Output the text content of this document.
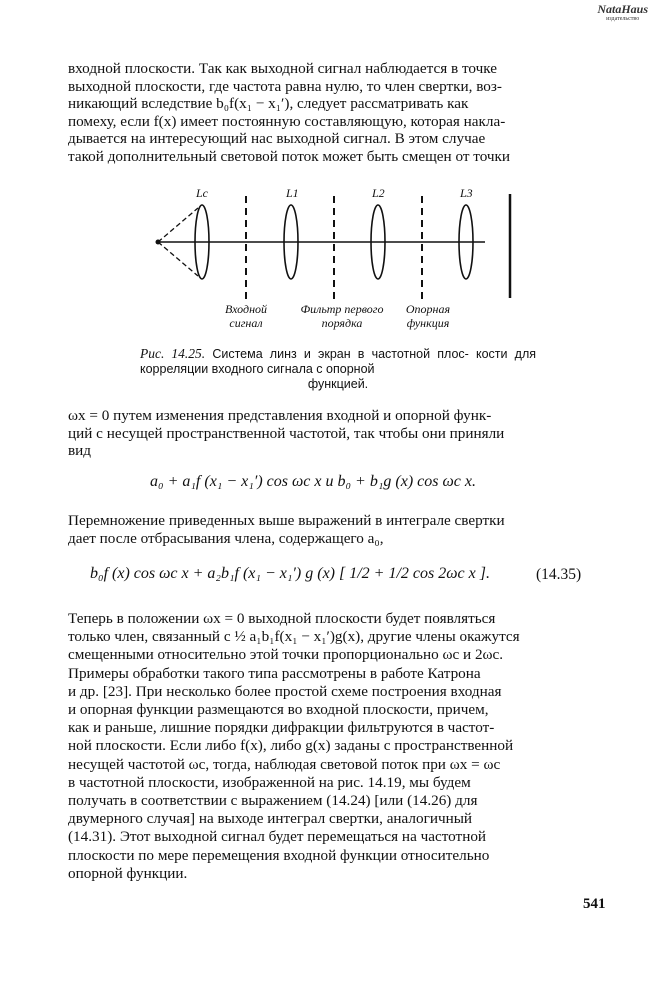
NataHaus
издательство

входной плоскости. Так как выходной сигнал наблюдается в точке

выходной плоскости, где частота равна нулю, то член свертки, воз-

никающий вследствие b₀f(x₁ − x₁′), следует рассматривать как

помеху, если f(x) имеет постоянную составляющую, которая накла-

дывается на интересующий нас выходной сигнал. В этом случае

такой дополнительный световой поток может быть смещен от точки

Lc	L1	L2	L3
Входной
сигнал
Фильтр первого
порядка
Опорная
функция
Рис. 14.25. Система линз и экран в частотной плос- кости для корреляции входного сигнала с опорной
функцией.

ωx = 0 путем изменения представления входной и опорной функ-

ций с несущей пространственной частотой, так чтобы они приняли

вид

a₀ + a₁f (x₁ − x₁′) cos ωc x и b₀ + b₁g (x) cos ωc x.

Перемножение приведенных выше выражений в интеграле свертки

дает после отбрасывания члена, содержащего a₀,

b₀f (x) cos ωc x + a₂b₁f (x₁ − x₁′) g (x) [ 1/2 + 1/2 cos 2ωc x ].	(14.35)

Теперь в положении ωx = 0 выходной плоскости будет появляться

только член, связанный с ½ a₁b₁f(x₁ − x₁′)g(x), другие члены окажутся

смещенными относительно этой точки пропорционально ωc и 2ωc.

Примеры обработки такого типа рассмотрены в работе Катрона

и др. [23]. При несколько более простой схеме построения входная

и опорная функции размещаются во входной плоскости, причем,

как и раньше, лишние порядки дифракции фильтруются в частот-

ной плоскости. Если либо f(x), либо g(x) заданы с пространственной

несущей частотой ωc, тогда, наблюдая световой поток при ωx = ωc

в частотной плоскости, изображенной на рис. 14.19, мы будем

получать в соответствии с выражением (14.24) [или (14.26) для

двумерного случая] на выходе интеграл свертки, аналогичный

(14.31). Этот выходной сигнал будет перемещаться на частотной

плоскости по мере перемещения входной функции относительно

опорной функции.

541
